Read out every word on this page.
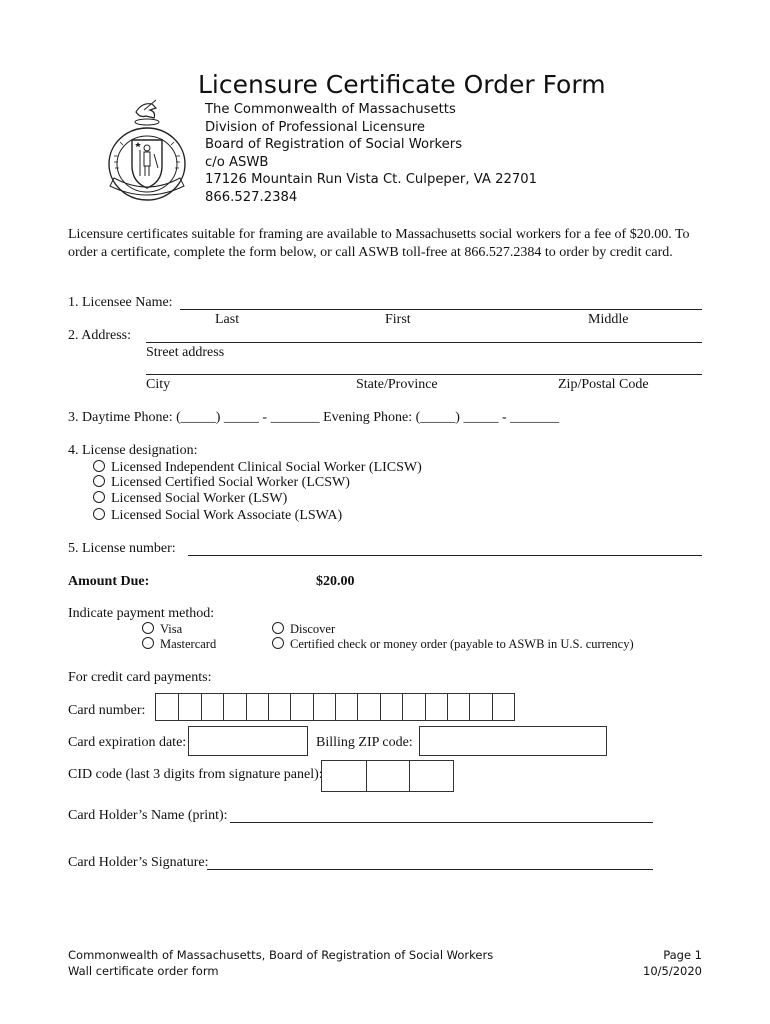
Licensure Certificate Order Form
The Commonwealth of Massachusetts
Division of Professional Licensure
Board of Registration of Social Workers
c/o ASWB
17126 Mountain Run Vista Ct. Culpeper, VA 22701
866.527.2384
Licensure certificates suitable for framing are available to Massachusetts social workers for a fee of $20.00. To order a certificate, complete the form below, or call ASWB toll-free at 866.527.2384 to order by credit card.
1. Licensee Name:
Last	First	Middle
2. Address:
Street address
City	State/Province	Zip/Postal Code
3. Daytime Phone: (_____) _____ - _______ Evening Phone: (_____) _____ - _______
4. License designation:
Licensed Independent Clinical Social Worker (LICSW)
Licensed Certified Social Worker (LCSW)
Licensed Social Worker (LSW)
Licensed Social Work Associate (LSWA)
5. License number:
Amount Due:	$20.00
Indicate payment method:
Visa
Mastercard
Discover
Certified check or money order (payable to ASWB in U.S. currency)
For credit card payments:
Card number:
Card expiration date:	Billing ZIP code:
CID code (last 3 digits from signature panel):
Card Holder’s Name (print):
Card Holder’s Signature:
Commonwealth of Massachusetts, Board of Registration of Social Workers
Wall certificate order form
Page 1
10/5/2020
